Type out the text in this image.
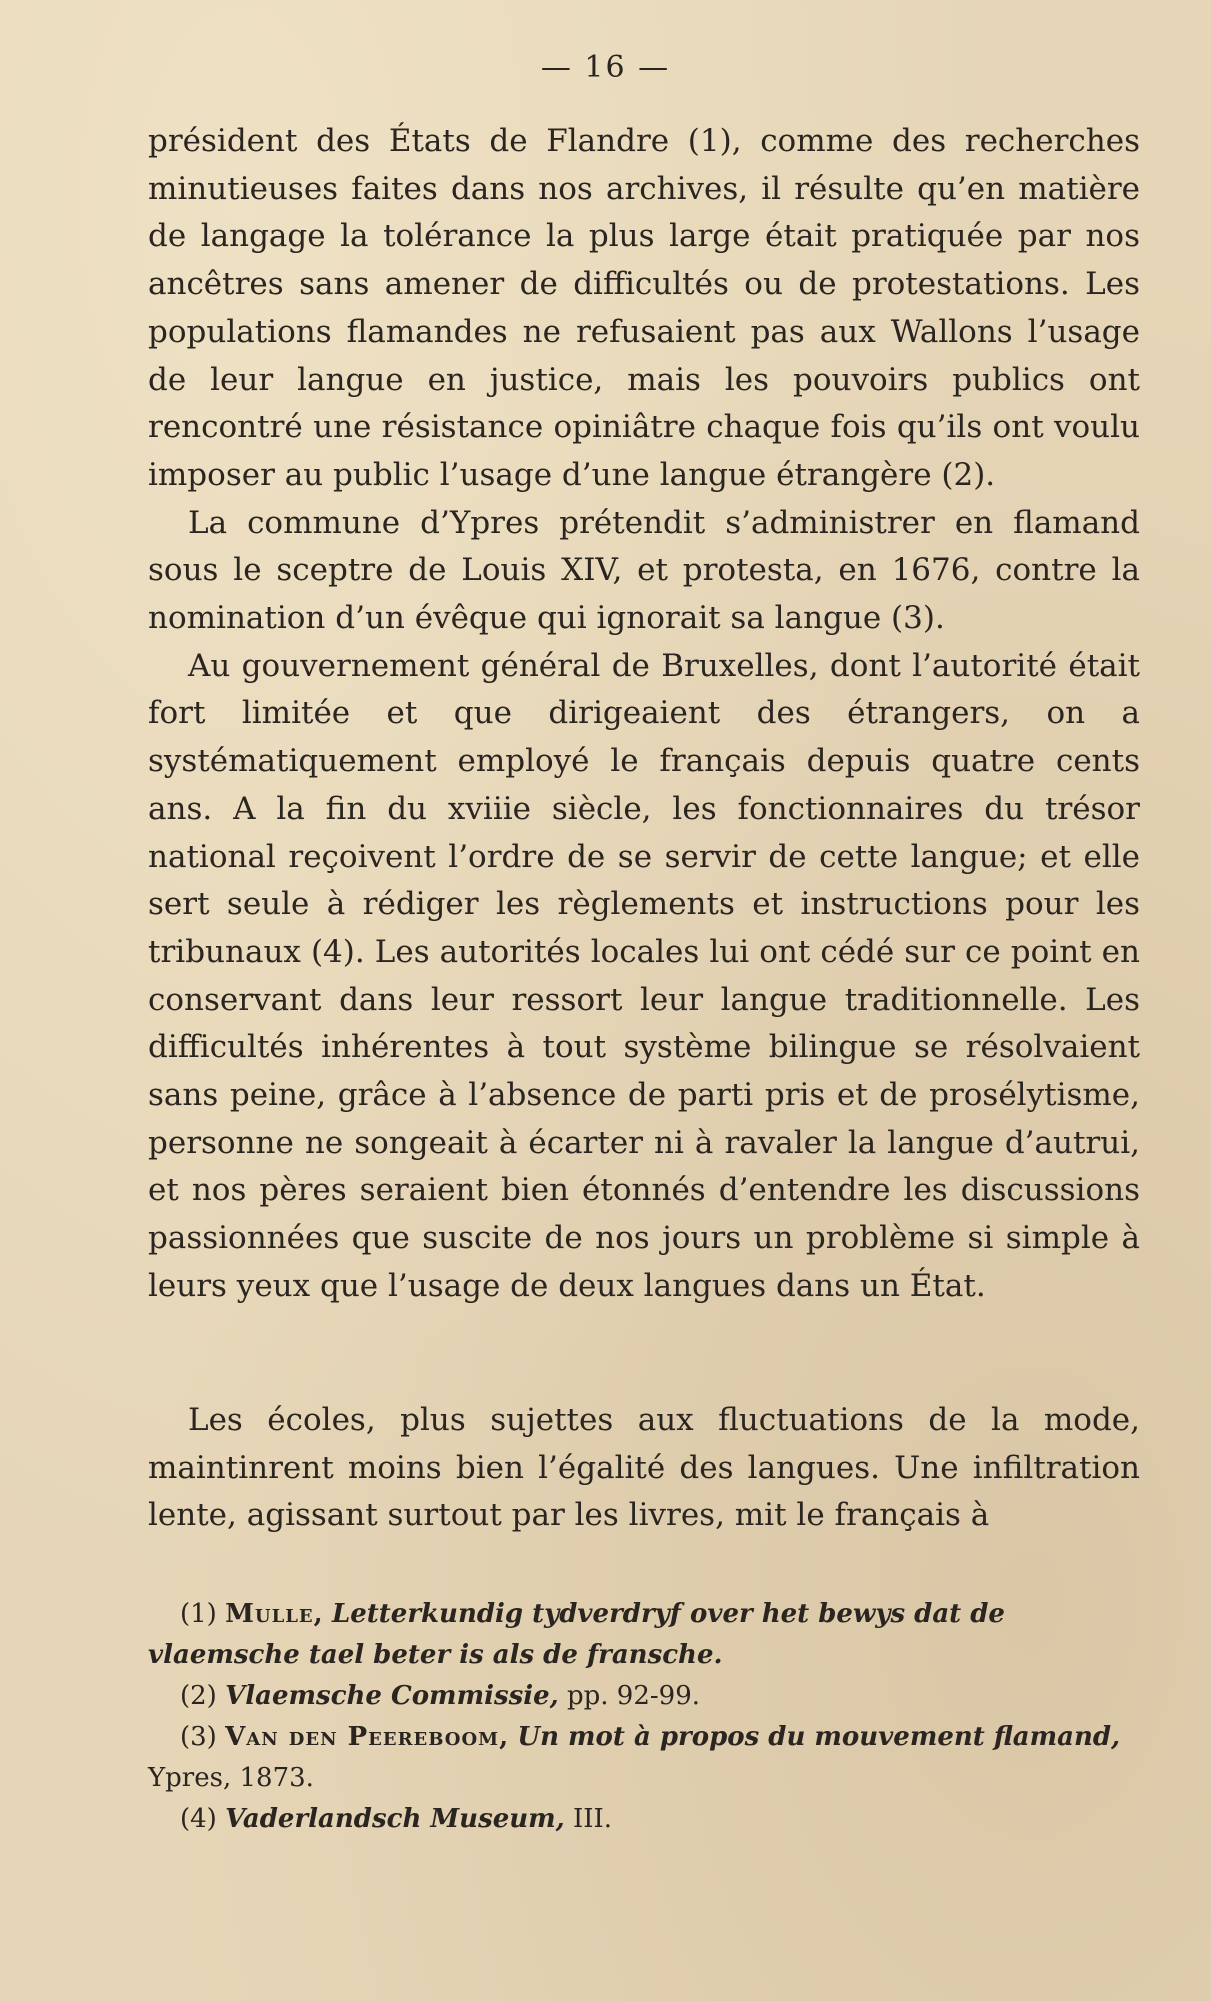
— 16 —

président des États de Flandre (1), comme des recherches minutieuses faites dans nos archives, il résulte qu’en matière de langage la tolérance la plus large était pratiquée par nos ancêtres sans amener de difficultés ou de protestations. Les populations flamandes ne refusaient pas aux Wallons l’usage de leur langue en justice, mais les pouvoirs publics ont rencontré une résistance opiniâtre chaque fois qu’ils ont voulu imposer au public l’usage d’une langue étrangère (2).

La commune d’Ypres prétendit s’administrer en flamand sous le sceptre de Louis XIV, et protesta, en 1676, contre la nomination d’un évêque qui ignorait sa langue (3).

Au gouvernement général de Bruxelles, dont l’autorité était fort limitée et que dirigeaient des étrangers, on a systématiquement employé le français depuis quatre cents ans. A la fin du xviiie siècle, les fonctionnaires du trésor national reçoivent l’ordre de se servir de cette langue; et elle sert seule à rédiger les règlements et instructions pour les tribunaux (4). Les autorités locales lui ont cédé sur ce point en conservant dans leur ressort leur langue traditionnelle. Les difficultés inhérentes à tout système bilingue se résolvaient sans peine, grâce à l’absence de parti pris et de prosélytisme, personne ne songeait à écarter ni à ravaler la langue d’autrui, et nos pères seraient bien étonnés d’entendre les discussions passionnées que suscite de nos jours un problème si simple à leurs yeux que l’usage de deux langues dans un État.

Les écoles, plus sujettes aux fluctuations de la mode, maintinrent moins bien l’égalité des langues. Une infiltration lente, agissant surtout par les livres, mit le français à

(1) Mulle, Letterkundig tydverdryf over het bewys dat de vlaemsche tael beter is als de fransche.

(2) Vlaemsche Commissie, pp. 92-99.

(3) Van den Peereboom, Un mot à propos du mouvement flamand, Ypres, 1873.

(4) Vaderlandsch Museum, III.
